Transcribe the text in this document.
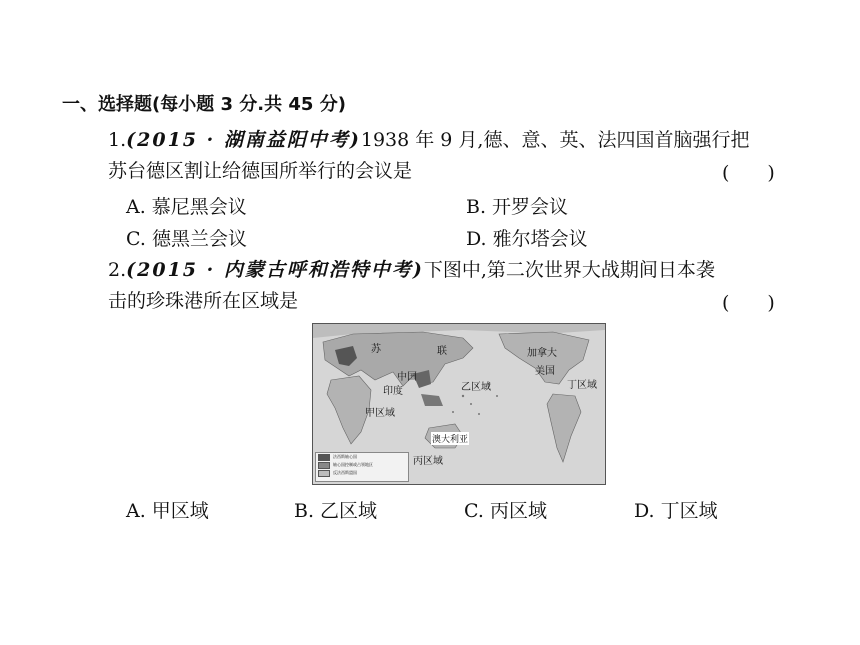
一、选择题(每小题 3 分.共 45 分)
1.(2015 · 湖南益阳中考)1938 年 9 月,德、意、英、法四国首脑强行把
苏台德区割让给德国所举行的会议是	(　　)
A. 慕尼黑会议	B. 开罗会议
C. 德黑兰会议	D. 雅尔塔会议
2.(2015 · 内蒙古呼和浩特中考)下图中,第二次世界大战期间日本袭
击的珍珠港所在区域是	(　　)
苏	联	加拿大
美国
中国
印度	乙区域	丁区域
甲区域
澳大利亚
丙区域
法西斯轴心国
轴心国控制或占领地区
反法西斯盟国
A. 甲区域	B. 乙区域	C. 丙区域	D. 丁区域
